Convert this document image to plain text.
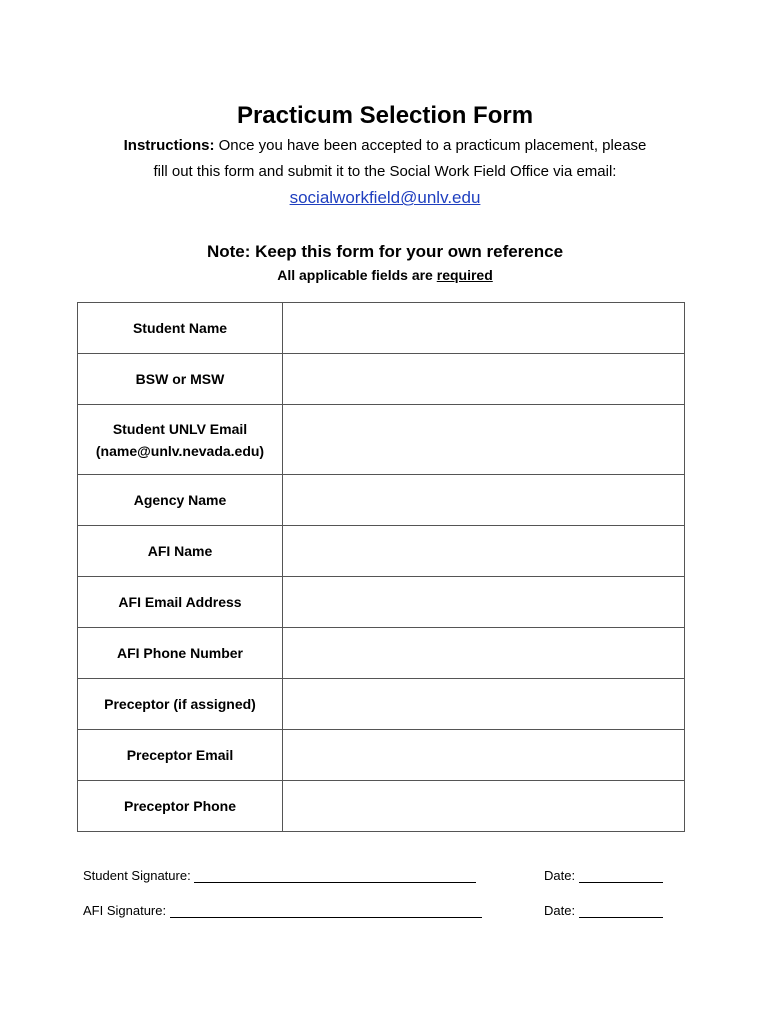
Practicum Selection Form
Instructions: Once you have been accepted to a practicum placement, please
fill out this form and submit it to the Social Work Field Office via email:
socialworkfield@unlv.edu
Note: Keep this form for your own reference
All applicable fields are required
Student Name	
BSW or MSW	
Student UNLV Email (name@unlv.nevada.edu)	
Agency Name	
AFI Name	
AFI Email Address	
AFI Phone Number	
Preceptor (if assigned)	
Preceptor Email	
Preceptor Phone	
Student Signature:	Date:
AFI Signature:	Date:
